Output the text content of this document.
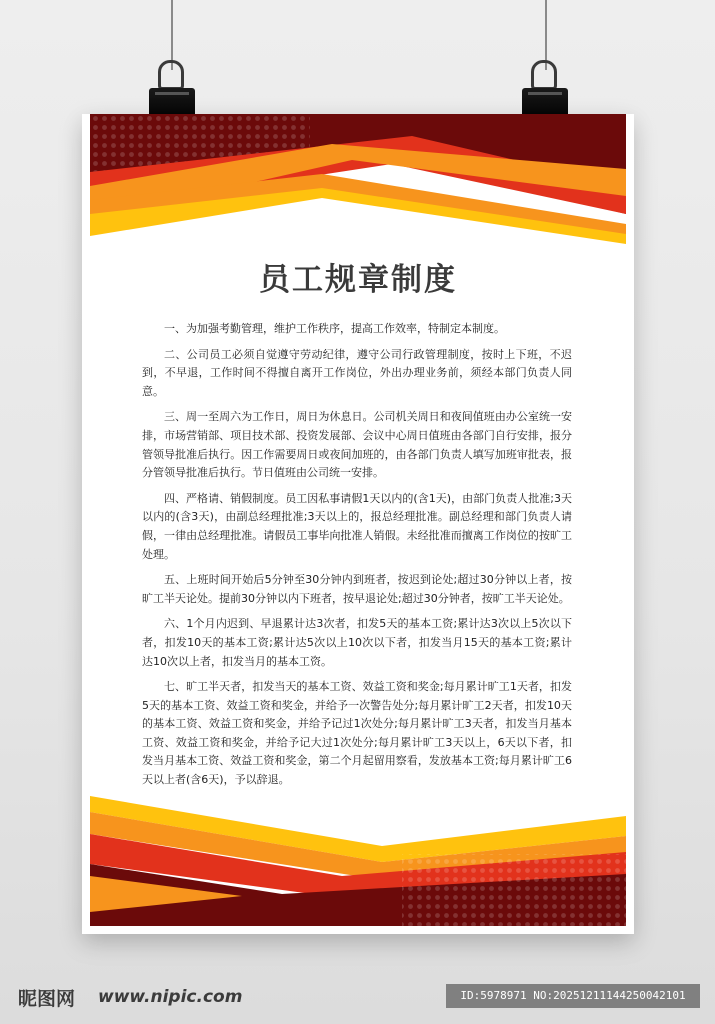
员工规章制度

一、为加强考勤管理，维护工作秩序，提高工作效率，特制定本制度。

二、公司员工必须自觉遵守劳动纪律，遵守公司行政管理制度，按时上下班，不迟到，不早退，工作时间不得擅自离开工作岗位，外出办理业务前，须经本部门负责人同意。

三、周一至周六为工作日，周日为休息日。公司机关周日和夜间值班由办公室统一安排，市场营销部、项目技术部、投资发展部、会议中心周日值班由各部门自行安排，报分管领导批准后执行。因工作需要周日或夜间加班的，由各部门负责人填写加班审批表，报分管领导批准后执行。节日值班由公司统一安排。

四、严格请、销假制度。员工因私事请假1天以内的(含1天)，由部门负责人批准;3天以内的(含3天)，由副总经理批准;3天以上的，报总经理批准。副总经理和部门负责人请假，一律由总经理批准。请假员工事毕向批准人销假。未经批准而擅离工作岗位的按旷工处理。

五、上班时间开始后5分钟至30分钟内到班者，按迟到论处;超过30分钟以上者，按旷工半天论处。提前30分钟以内下班者，按早退论处;超过30分钟者，按旷工半天论处。

六、1个月内迟到、早退累计达3次者，扣发5天的基本工资;累计达3次以上5次以下者，扣发10天的基本工资;累计达5次以上10次以下者，扣发当月15天的基本工资;累计达10次以上者，扣发当月的基本工资。

七、旷工半天者，扣发当天的基本工资、效益工资和奖金;每月累计旷工1天者，扣发5天的基本工资、效益工资和奖金，并给予一次警告处分;每月累计旷工2天者，扣发10天的基本工资、效益工资和奖金，并给予记过1次处分;每月累计旷工3天者，扣发当月基本工资、效益工资和奖金，并给予记大过1次处分;每月累计旷工3天以上，6天以下者，扣发当月基本工资、效益工资和奖金，第二个月起留用察看，发放基本工资;每月累计旷工6天以上者(含6天)，予以辞退。

昵图网 www.nipic.com	ID:5978971 NO:20251211144250042101
